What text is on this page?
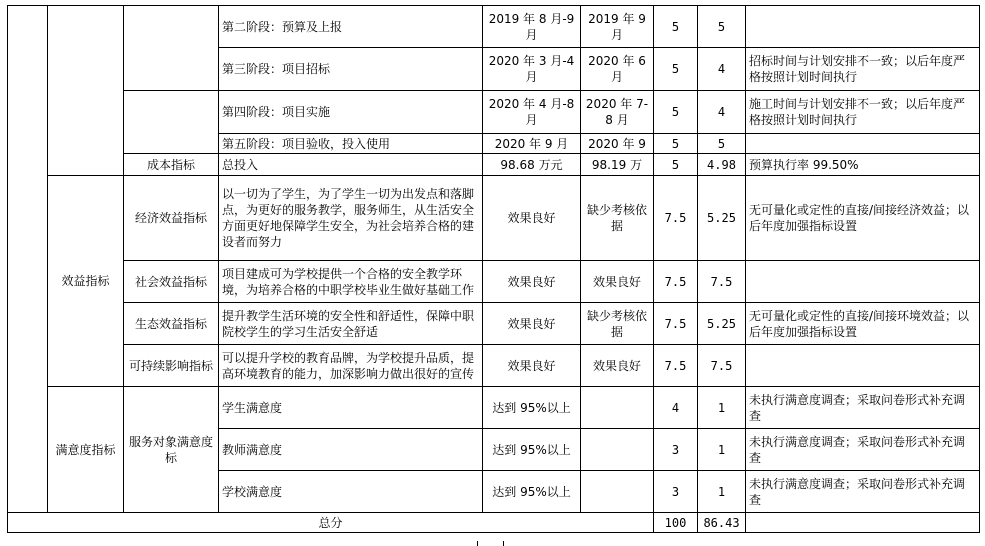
			第二阶段：预算及上报	2019 年 8 月-9 月	2019 年 9 月	5	5	
			第三阶段：项目招标	2020 年 3 月-4 月	2020 年 6 月	5	4	招标时间与计划安排不一致；以后年度严格按照计划时间执行
			第四阶段：项目实施	2020 年 4 月-8 月	2020 年 7-8 月	5	4	施工时间与计划安排不一致；以后年度严格按照计划时间执行
			第五阶段：项目验收，投入使用	2020 年 9 月	2020 年 9	5	5	
		成本指标	总投入	98.68 万元	98.19 万	5	4.98	预算执行率 99.50%
	效益指标	经济效益指标	以一切为了学生，为了学生一切为出发点和落脚点，为更好的服务教学，服务师生，从生活安全方面更好地保障学生安全，为社会培养合格的建设者而努力	效果良好	缺少考核依据	7.5	5.25	无可量化或定性的直接/间接经济效益；以后年度加强指标设置
		社会效益指标	项目建成可为学校提供一个合格的安全教学环境，为培养合格的中职学校毕业生做好基础工作	效果良好	效果良好	7.5	7.5	
		生态效益指标	提升教学生活环境的安全性和舒适性，保障中职院校学生的学习生活安全舒适	效果良好	缺少考核依据	7.5	5.25	无可量化或定性的直接/间接环境效益；以后年度加强指标设置
		可持续影响指标	可以提升学校的教育品牌，为学校提升品质，提高环境教育的能力，加深影响力做出很好的宣传	效果良好	效果良好	7.5	7.5	
	满意度指标	服务对象满意度标	学生满意度	达到 95%以上		4	1	未执行满意度调查；采取问卷形式补充调查
			教师满意度	达到 95%以上		3	1	未执行满意度调查；采取问卷形式补充调查
			学校满意度	达到 95%以上		3	1	未执行满意度调查；采取问卷形式补充调查

总分						100	86.43	
